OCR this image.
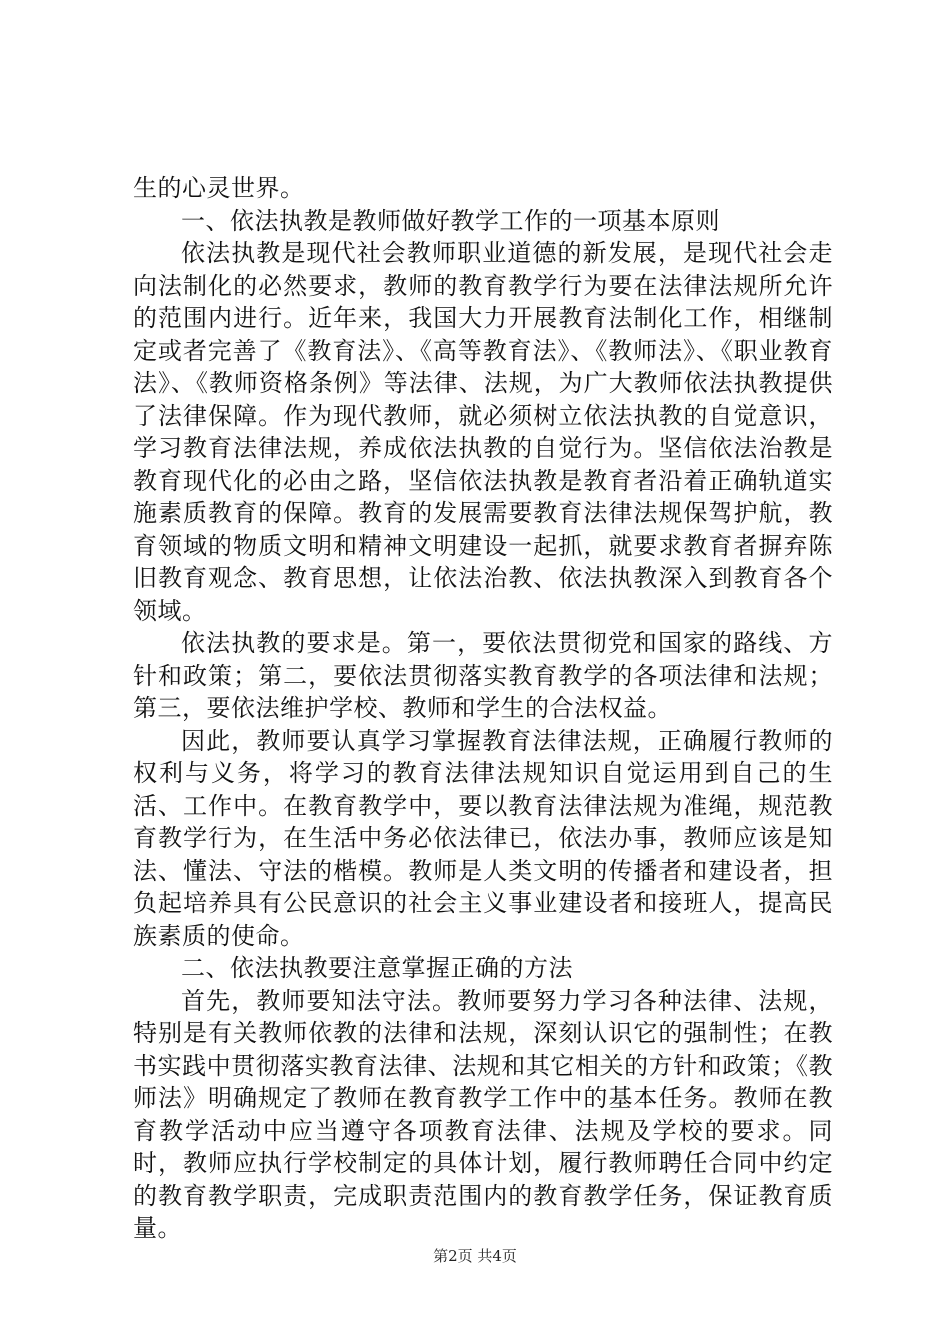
生的心灵世界。

一、依法执教是教师做好教学工作的一项基本原则

依法执教是现代社会教师职业道德的新发展，是现代社会走向法制化的必然要求，教师的教育教学行为要在法律法规所允许的范围内进行。近年来，我国大力开展教育法制化工作，相继制定或者完善了《教育法》、《高等教育法》、《教师法》、《职业教育法》、《教师资格条例》等法律、法规，为广大教师依法执教提供了法律保障。作为现代教师，就必须树立依法执教的自觉意识，学习教育法律法规，养成依法执教的自觉行为。坚信依法治教是教育现代化的必由之路，坚信依法执教是教育者沿着正确轨道实施素质教育的保障。教育的发展需要教育法律法规保驾护航，教育领域的物质文明和精神文明建设一起抓，就要求教育者摒弃陈旧教育观念、教育思想，让依法治教、依法执教深入到教育各个领域。

依法执教的要求是。第一，要依法贯彻党和国家的路线、方针和政策；第二，要依法贯彻落实教育教学的各项法律和法规；第三，要依法维护学校、教师和学生的合法权益。

因此，教师要认真学习掌握教育法律法规，正确履行教师的权利与义务，将学习的教育法律法规知识自觉运用到自己的生活、工作中。在教育教学中，要以教育法律法规为准绳，规范教育教学行为，在生活中务必依法律已，依法办事，教师应该是知法、懂法、守法的楷模。教师是人类文明的传播者和建设者，担负起培养具有公民意识的社会主义事业建设者和接班人，提高民族素质的使命。

二、依法执教要注意掌握正确的方法

首先，教师要知法守法。教师要努力学习各种法律、法规，特别是有关教师依教的法律和法规，深刻认识它的强制性；在教书实践中贯彻落实教育法律、法规和其它相关的方针和政策；《教师法》明确规定了教师在教育教学工作中的基本任务。教师在教育教学活动中应当遵守各项教育法律、法规及学校的要求。同时，教师应执行学校制定的具体计划，履行教师聘任合同中约定的教育教学职责，完成职责范围内的教育教学任务，保证教育质量。

第2页 共4页
